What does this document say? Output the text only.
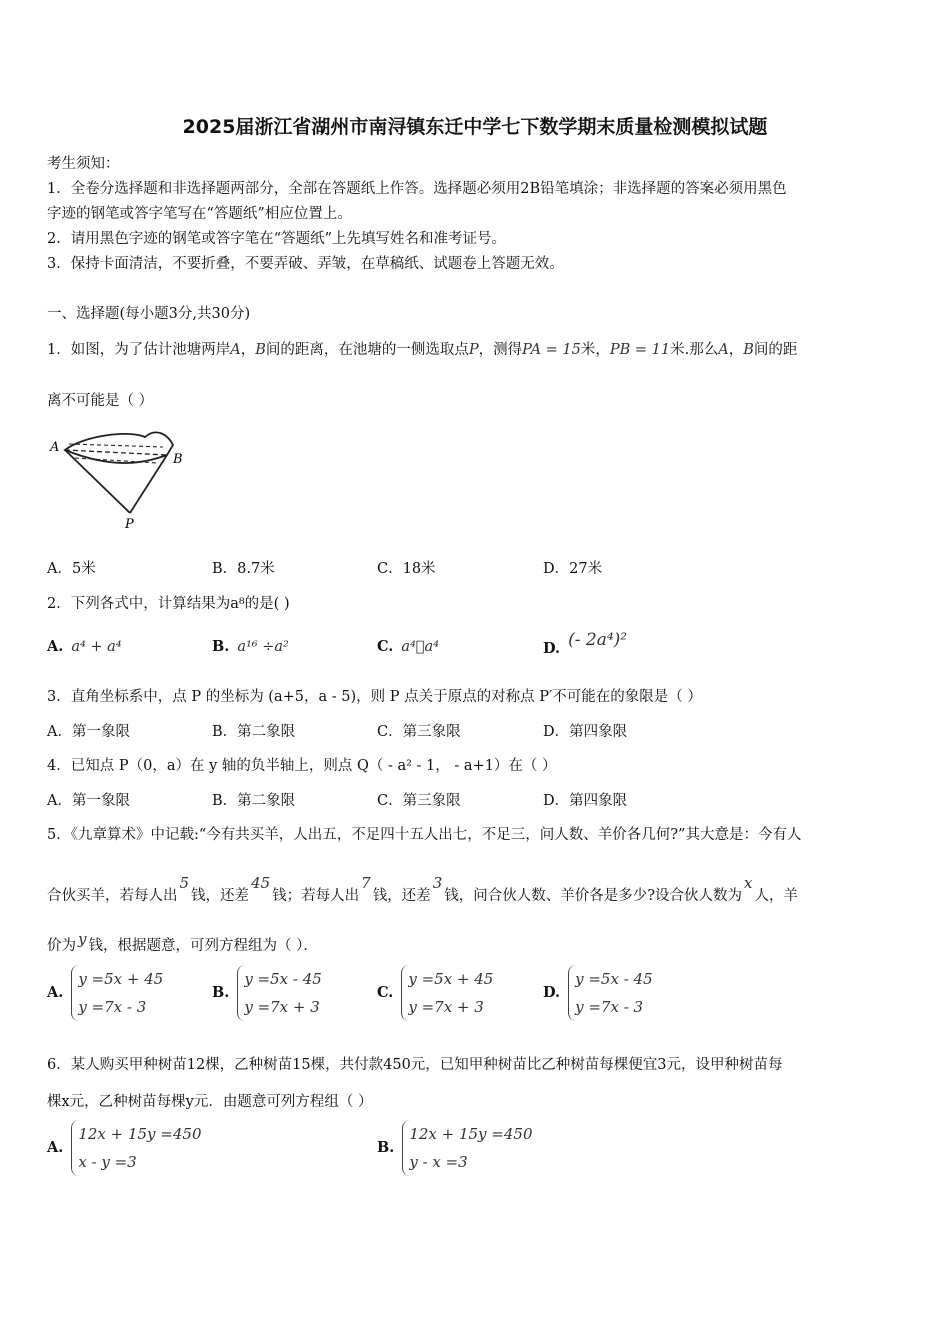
2025届浙江省湖州市南浔镇东迁中学七下数学期末质量检测模拟试题
考生须知：
1．全卷分选择题和非选择题两部分，全部在答题纸上作答。选择题必须用2B铅笔填涂；非选择题的答案必须用黑色
字迹的钢笔或答字笔写在“答题纸”相应位置上。
2．请用黑色字迹的钢笔或答字笔在“答题纸”上先填写姓名和准考证号。
3．保持卡面清洁，不要折叠，不要弄破、弄皱，在草稿纸、试题卷上答题无效。
一、选择题(每小题3分,共30分)
1．如图，为了估计池塘两岸A，B间的距离，在池塘的一侧选取点P，测得PA = 15米，PB = 11米.那么A，B间的距
离不可能是（ ）
A
B
P
A．5米	B．8.7米	C．18米	D．27米
2．下列各式中，计算结果为a⁸的是( )
A. a⁴ + a⁴	B. a¹⁶ ÷a²	C. a⁴⃞a⁴	D. (- 2a⁴)²
3．直角坐标系中，点 P 的坐标为 (a+5，a - 5)，则 P 点关于原点的对称点 P′不可能在的象限是（ ）
A．第一象限	B．第二象限	C．第三象限	D．第四象限
4．已知点 P（0，a）在 y 轴的负半轴上，则点 Q（ - a² - 1， - a+1）在（ ）
A．第一象限	B．第二象限	C．第三象限	D．第四象限
5．《九章算术》中记载:“今有共买羊，人出五，不足四十五人出七，不足三，问人数、羊价各几何?”其大意是：今有人
合伙买羊，若每人出5钱，还差45钱；若每人出7钱，还差3钱，问合伙人数、羊价各是多少?设合伙人数为x人，羊
价为 y 钱，根据题意，可列方程组为（ ）．
A.
y =5x + 45
y =7x - 3
B.
y =5x - 45
y =7x + 3
C.
y =5x + 45
y =7x + 3
D.
y =5x - 45
y =7x - 3
6．某人购买甲种树苗12棵，乙种树苗15棵，共付款450元，已知甲种树苗比乙种树苗每棵便宜3元，设甲种树苗每
棵x元，乙种树苗每棵y元．由题意可列方程组（ ）
A.
12x + 15y =450
x - y =3
B.
12x + 15y =450
y - x =3
